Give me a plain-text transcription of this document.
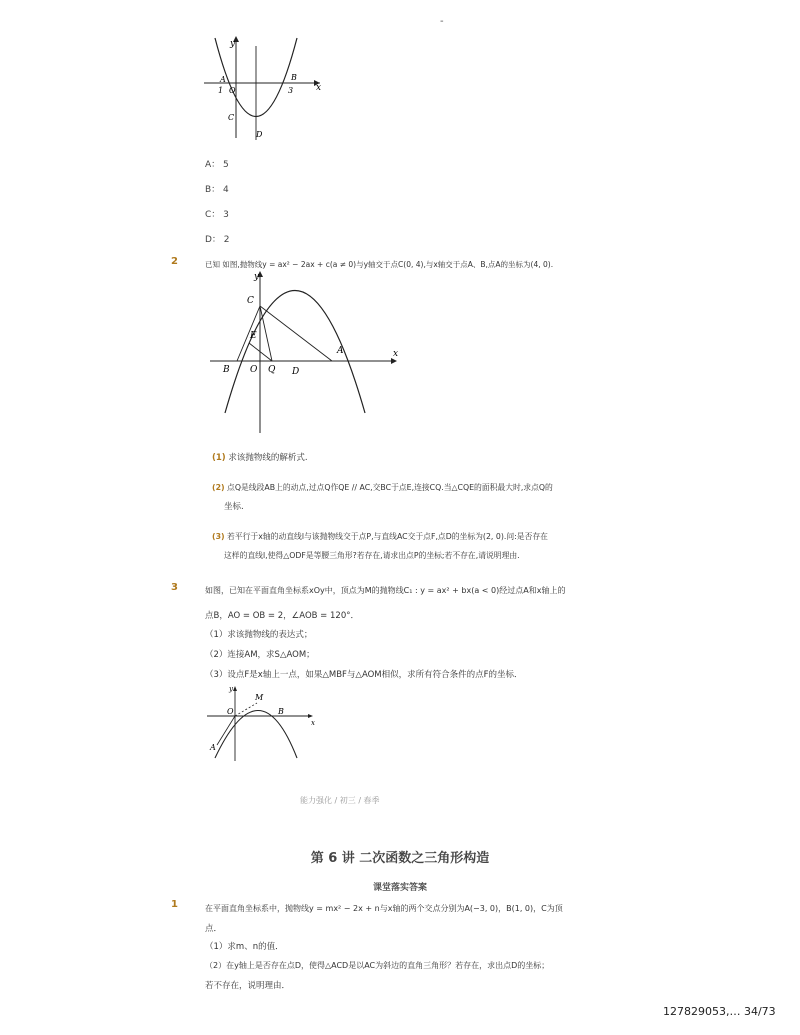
-
y
x
A	B
1 O	3
C
D
A： 5
B： 4
C： 3
D： 2
2	已知 如图,抛物线y = ax² − 2ax + c(a ≠ 0)与y轴交于点C(0, 4),与x轴交于点A、B,点A的坐标为(4, 0).
y
x
C
E
A
B O Q D
(1) 求该抛物线的解析式.
(2) 点Q是线段AB上的动点,过点Q作QE // AC,交BC于点E,连接CQ.当△CQE的面积最大时,求点Q的
坐标.
(3) 若平行于x轴的动直线l与该抛物线交于点P,与直线AC交于点F,点D的坐标为(2, 0).问:是否存在
这样的直线l,使得△ODF是等腰三角形?若存在,请求出点P的坐标;若不存在,请说明理由.
3	如图，已知在平面直角坐标系xOy中，顶点为M的抛物线C₁ : y = ax² + bx(a < 0)经过点A和x轴上的
点B，AO = OB = 2，∠AOB = 120°．
（1）求该抛物线的表达式；
（2）连接AM，求S△AOM；
（3）设点F是x轴上一点，如果△MBF与△AOM相似，求所有符合条件的点F的坐标．
y
x
M
O	B
A
能力强化 / 初三 / 春季
第 6 讲 二次函数之三角形构造
课堂落实答案
1	在平面直角坐标系中，抛物线y = mx² − 2x + n与x轴的两个交点分别为A(−3, 0)，B(1, 0)，C为顶
点．
（1）求m、n的值．
（2）在y轴上是否存在点D，使得△ACD是以AC为斜边的直角三角形？若存在，求出点D的坐标；
若不存在，说明理由．
127829053,… 34/73
